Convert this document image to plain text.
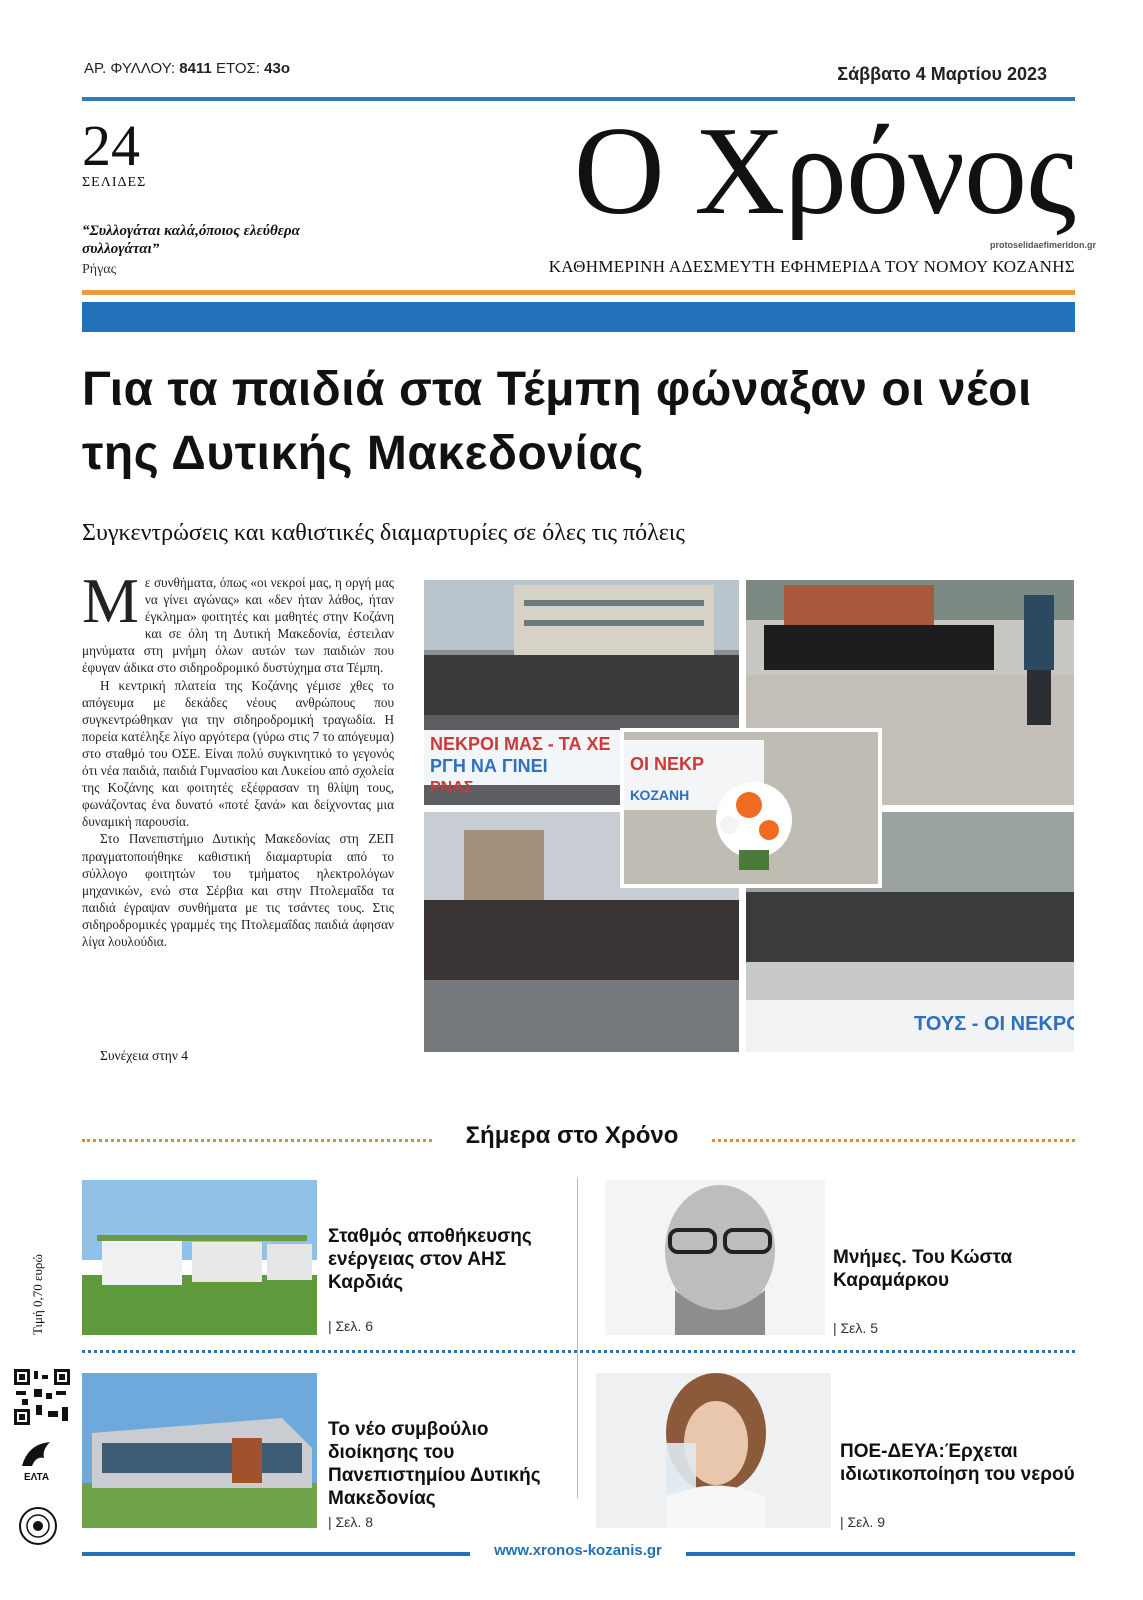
ΑΡ. ΦΥΛΛΟΥ: 8411 ΕΤΟΣ: 43ο	Σάββατο 4 Μαρτίου 2023
24
ΣΕΛΙΔΕΣ
“Συλλογάται καλά,όποιος ελεύθερα συλλογάται”
Ρήγας
Ο Χρόνος
ΚΑΘΗΜΕΡΙΝΗ ΑΔΕΣΜΕΥΤΗ ΕΦΗΜΕΡΙΔΑ ΤΟΥ ΝΟΜΟΥ ΚΟΖΑΝΗΣ
protoselidaefimeridon.gr
Για τα παιδιά στα Τέμπη φώναξαν οι νέοι της Δυτικής Μακεδονίας
Συγκεντρώσεις και καθιστικές διαμαρτυρίες σε όλες τις πόλεις

Με συνθήματα, όπως «οι νεκροί μας, η οργή μας να γίνει αγώνας» και «δεν ήταν λάθος, ήταν έγκλημα» φοιτητές και μαθητές στην Κοζάνη και σε όλη τη Δυτική Μακεδονία, έστειλαν μηνύματα στη μνήμη όλων αυτών των παιδιών που έφυγαν άδικα στο σιδηροδρομικό δυστύχημα στα Τέμπη.

Η κεντρική πλατεία της Κοζάνης γέμισε χθες το απόγευμα με δεκάδες νέους ανθρώπους που συγκεντρώθηκαν για την σιδηροδρομική τραγωδία. Η πορεία κατέληξε λίγο αργότερα (γύρω στις 7 το απόγευμα) στο σταθμό του ΟΣΕ. Είναι πολύ συγκινητικό το γεγονός ότι νέα παιδιά, παιδιά Γυμνασίου και Λυκείου από σχολεία της Κοζάνης και φοιτητές εξέφρασαν τη θλίψη τους, φωνάζοντας ένα δυνατό «ποτέ ξανά» και δείχνοντας μια δυναμική παρουσία.

Στο Πανεπιστήμιο Δυτικής Μακεδονίας στη ΖΕΠ πραγματοποιήθηκε καθιστική διαμαρτυρία από το σύλλογο φοιτητών του τμήματος ηλεκτρολόγων μηχανικών, ενώ στα Σέρβια και στην Πτολεμαΐδα τα παιδιά έγραψαν συνθήματα με τις τσάντες τους. Στις σιδηροδρομικές γραμμές της Πτολεμαΐδας παιδιά άφησαν λίγα λουλούδια.

Συνέχεια στην 4
ΝΕΚΡΟΙ ΜΑΣ - ΤΑ ΧΕ
ΡΓΗ ΝΑ ΓΙΝΕΙ
ΡΝΑΣ
ΤΟΥΣ - ΟΙ ΝΕΚΡΟΙ
ΟΙ ΝΕΚΡ
ΚΟΖΑΝΗ
Σήμερα στο Χρόνο
Σταθμός αποθήκευσης ενέργειας στον ΑΗΣ Καρδιάς
| Σελ. 6
Μνήμες. Του Κώστα Καραμάρκου
| Σελ. 5
Το νέο συμβούλιο διοίκησης του Πανεπιστημίου Δυτικής Μακεδονίας
| Σελ. 8
ΠΟΕ-ΔΕΥΑ:Έρχεται ιδιωτικοποίηση του νερού
| Σελ. 9
Τιμή 0,70 ευρώ
ΕΛΤΑ
www.xronos-kozanis.gr
